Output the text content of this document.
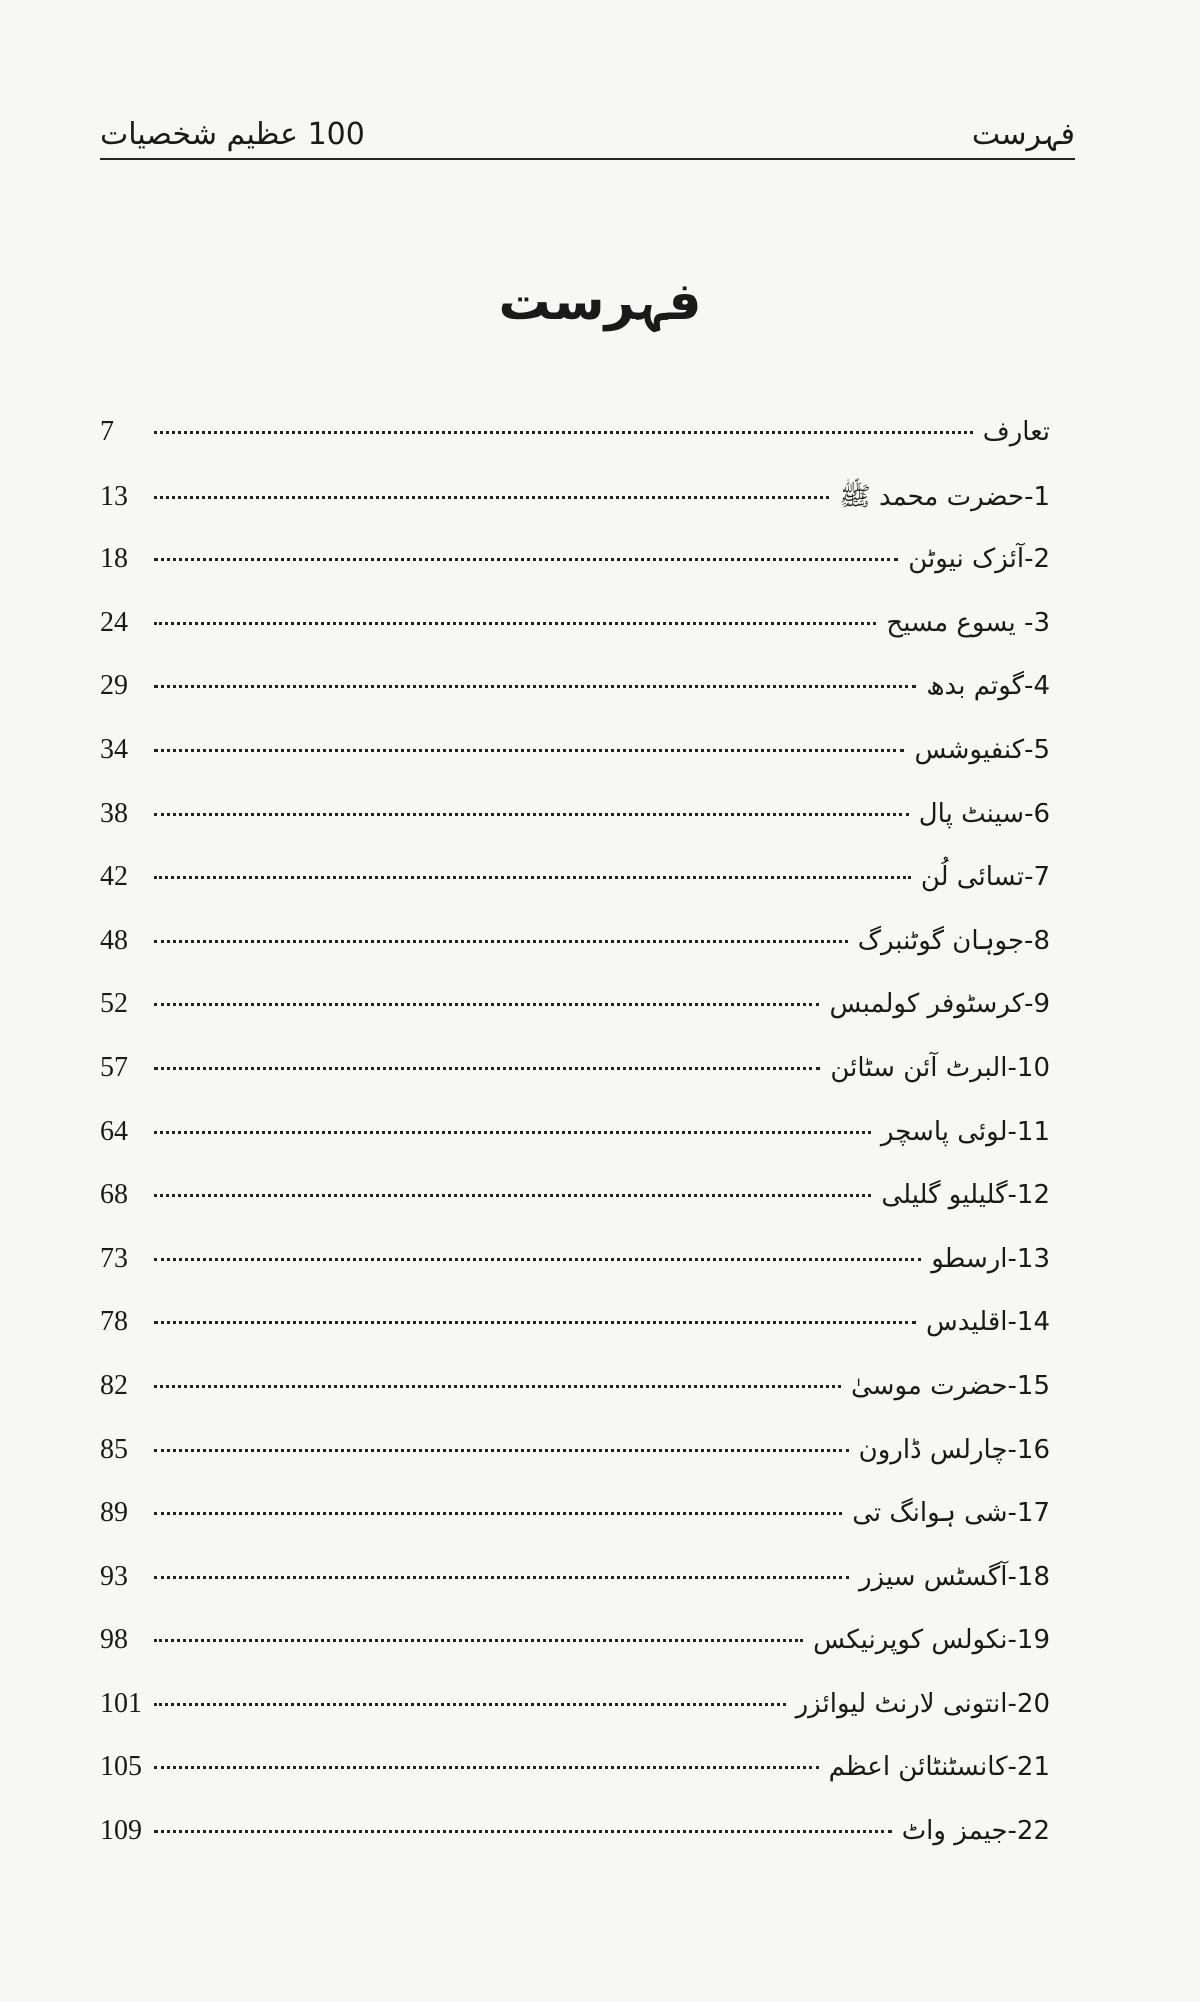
فہرست
100 عظیم شخصیات
فہرست
تعارف
7
1-حضرت محمد ﷺ
13
2-آئزک نیوٹن
18
3- یسوع مسیح
24
4-گوتم بدھ
29
5-کنفیوشس
34
6-سینٹ پال
38
7-تسائی لُن
42
8-جوہان گوٹنبرگ
48
9-کرسٹوفر کولمبس
52
10-البرٹ آئن سٹائن
57
11-لوئی پاسچر
64
12-گلیلیو گلیلی
68
13-ارسطو
73
14-اقلیدس
78
15-حضرت موسیٰ
82
16-چارلس ڈارون
85
17-شی ہوانگ تی
89
18-آگسٹس سیزر
93
19-نکولس کوپرنیکس
98
20-انتونی لارنٹ لیوائزر
101
21-کانسٹنٹائن اعظم
105
22-جیمز واٹ
109
